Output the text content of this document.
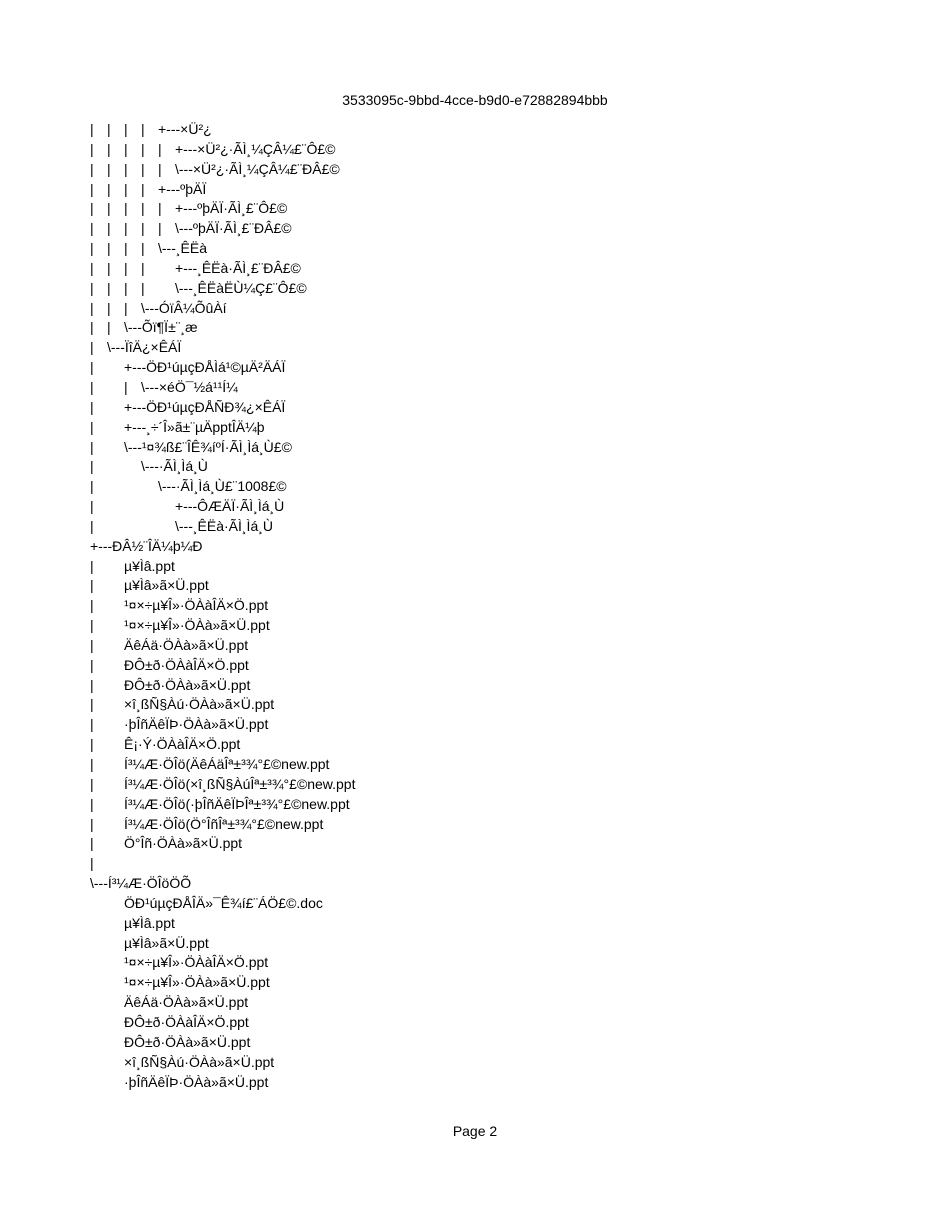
3533095c-9bbd-4cce-b9d0-e72882894bbb
| | | | +---×Ü²¿
| | | | | +---×Ü²¿·ÃÌ¸¼ÇÂ¼£¨Ô£©
| | | | | \---×Ü²¿·ÃÌ¸¼ÇÂ¼£¨ÐÂ£©
| | | | +---ºþÄÏ
| | | | | +---ºþÄÏ·ÃÌ¸£¨Ô£©
| | | | | \---ºþÄÏ·ÃÌ¸£¨ÐÂ£©
| | | | \---¸ÊËà
| | | | +---¸ÊËà·ÃÌ¸£¨ÐÂ£©
| | | | \---¸ÊËàËÙ¼Ç£¨Ô£©
| | | \---ÓïÂ¼ÕûÀí
| | \---Õï¶Ï±¨¸æ
| \---ÏîÄ¿×ÊÁÏ
| +---ÖÐ¹úµçÐÅÌá¹©µÄ²ÄÁÏ
| | \---×éÖ¯½á¹¹Í¼
| +---ÖÐ¹úµçÐÅÑÐ¾¿×ÊÁÏ
| +---¸÷´Î»ã±¨µÄpptÎÄ¼þ
| \---¹¤¾ß£¨ÎÊ¾íºÍ·ÃÌ¸Ìá¸Ù£©
|	\---·ÃÌ¸Ìá¸Ù
|	\---·ÃÌ¸Ìá¸Ù£¨1008£©
|	+---ÔÆÄÏ·ÃÌ¸Ìá¸Ù
|	\---¸ÊËà·ÃÌ¸Ìá¸Ù
+---ÐÂ½¨ÎÄ¼þ¼Ð
| µ¥Ìâ.ppt
| µ¥Ìâ»ã×Ü.ppt
| ¹¤×÷µ¥Î»·ÖÀàÎÄ×Ö.ppt
| ¹¤×÷µ¥Î»·ÖÀà»ã×Ü.ppt
| ÄêÁä·ÖÀà»ã×Ü.ppt
| ÐÔ±ð·ÖÀàÎÄ×Ö.ppt
| ÐÔ±ð·ÖÀà»ã×Ü.ppt
| ×î¸ßÑ§Àú·ÖÀà»ã×Ü.ppt
| ·þÎñÄêÏÞ·ÖÀà»ã×Ü.ppt
| Ê¡·Ý·ÖÀàÎÄ×Ö.ppt
| Í³¼Æ·ÖÎö(ÄêÁäÎª±³¾°£©new.ppt
| Í³¼Æ·ÖÎö(×î¸ßÑ§ÀúÎª±³¾°£©new.ppt
| Í³¼Æ·ÖÎö(·þÎñÄêÏÞÎª±³¾°£©new.ppt
| Í³¼Æ·ÖÎö(Ö°ÎñÎª±³¾°£©new.ppt
| Ö°Îñ·ÖÀà»ã×Ü.ppt
|
\---Í³¼Æ·ÖÎöÖÕ
ÖÐ¹úµçÐÅÎÄ»¯Ê¾í£¨ÁÖ£©.doc
µ¥Ìâ.ppt
µ¥Ìâ»ã×Ü.ppt
¹¤×÷µ¥Î»·ÖÀàÎÄ×Ö.ppt
¹¤×÷µ¥Î»·ÖÀà»ã×Ü.ppt
ÄêÁä·ÖÀà»ã×Ü.ppt
ÐÔ±ð·ÖÀàÎÄ×Ö.ppt
ÐÔ±ð·ÖÀà»ã×Ü.ppt
×î¸ßÑ§Àú·ÖÀà»ã×Ü.ppt
·þÎñÄêÏÞ·ÖÀà»ã×Ü.ppt
Page 2
